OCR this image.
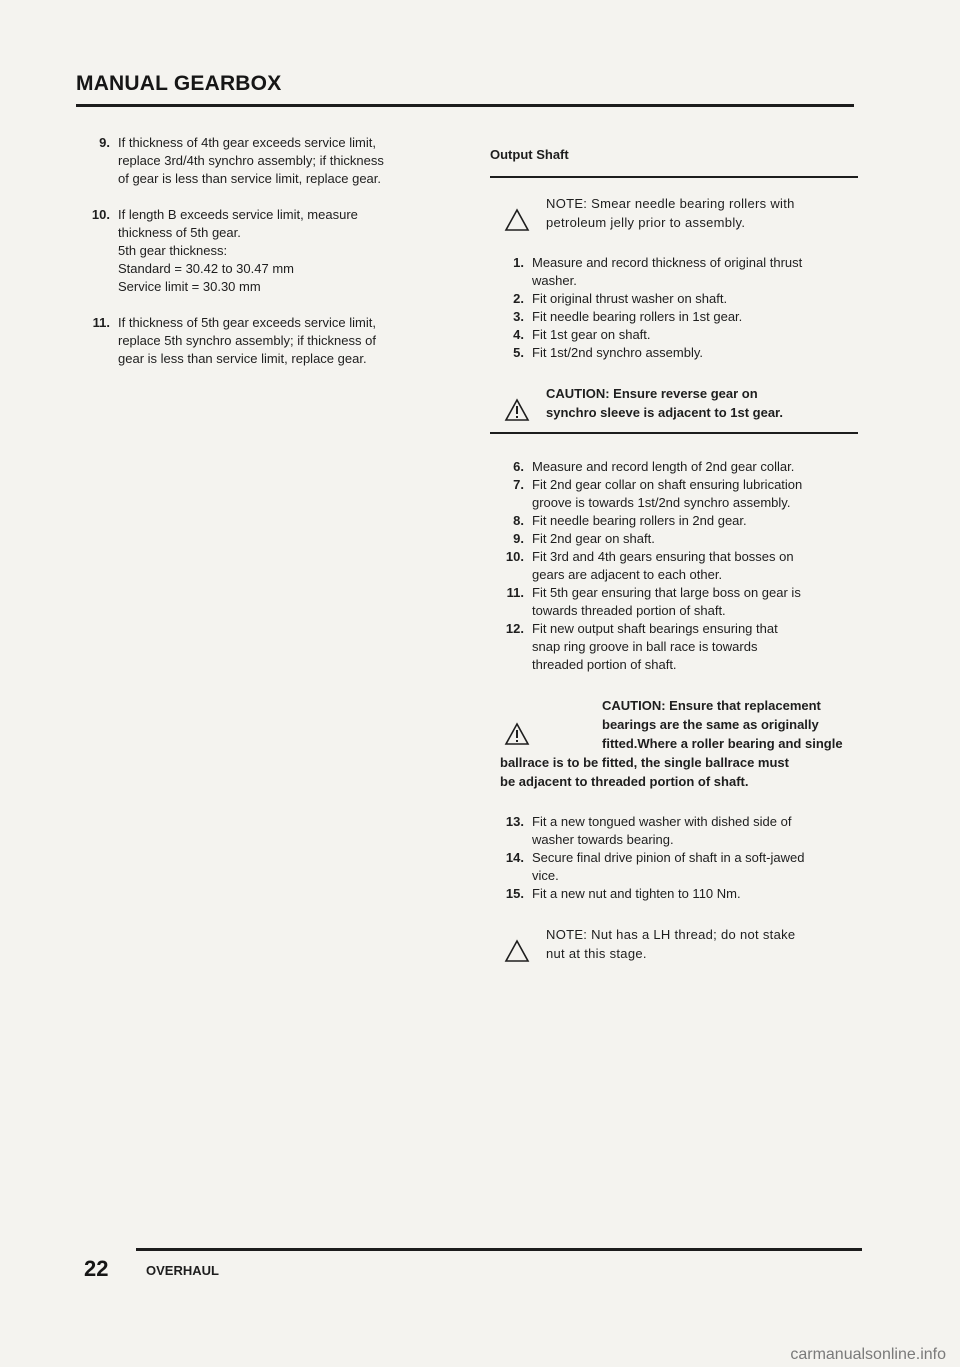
MANUAL GEARBOX
9. If thickness of 4th gear exceeds service limit,
replace 3rd/4th synchro assembly; if thickness
of gear is less than service limit, replace gear.
10. If length B exceeds service limit, measure
thickness of 5th gear.
5th gear thickness:
Standard = 30.42 to 30.47 mm
Service limit = 30.30 mm
11. If thickness of 5th gear exceeds service limit,
replace 5th synchro assembly; if thickness of
gear is less than service limit, replace gear.
Output Shaft
NOTE: Smear needle bearing rollers with
petroleum jelly prior to assembly.
1. Measure and record thickness of original thrust
washer.
2. Fit original thrust washer on shaft.
3. Fit needle bearing rollers in 1st gear.
4. Fit 1st gear on shaft.
5. Fit 1st/2nd synchro assembly.
CAUTION: Ensure reverse gear on
synchro sleeve is adjacent to 1st gear.
6. Measure and record length of 2nd gear collar.
7. Fit 2nd gear collar on shaft ensuring lubrication
groove is towards 1st/2nd synchro assembly.
8. Fit needle bearing rollers in 2nd gear.
9. Fit 2nd gear on shaft.
10. Fit 3rd and 4th gears ensuring that bosses on
gears are adjacent to each other.
11. Fit 5th gear ensuring that large boss on gear is
towards threaded portion of shaft.
12. Fit new output shaft bearings ensuring that
snap ring groove in ball race is towards
threaded portion of shaft.
CAUTION: Ensure that replacement
bearings are the same as originally
fitted.Where a roller bearing and single
ballrace is to be fitted, the single ballrace must
be adjacent to threaded portion of shaft.
13. Fit a new tongued washer with dished side of
washer towards bearing.
14. Secure final drive pinion of shaft in a soft-jawed
vice.
15. Fit a new nut and tighten to 110 Nm.
NOTE: Nut has a LH thread; do not stake
nut at this stage.
22	OVERHAUL
carmanualsonline.info
